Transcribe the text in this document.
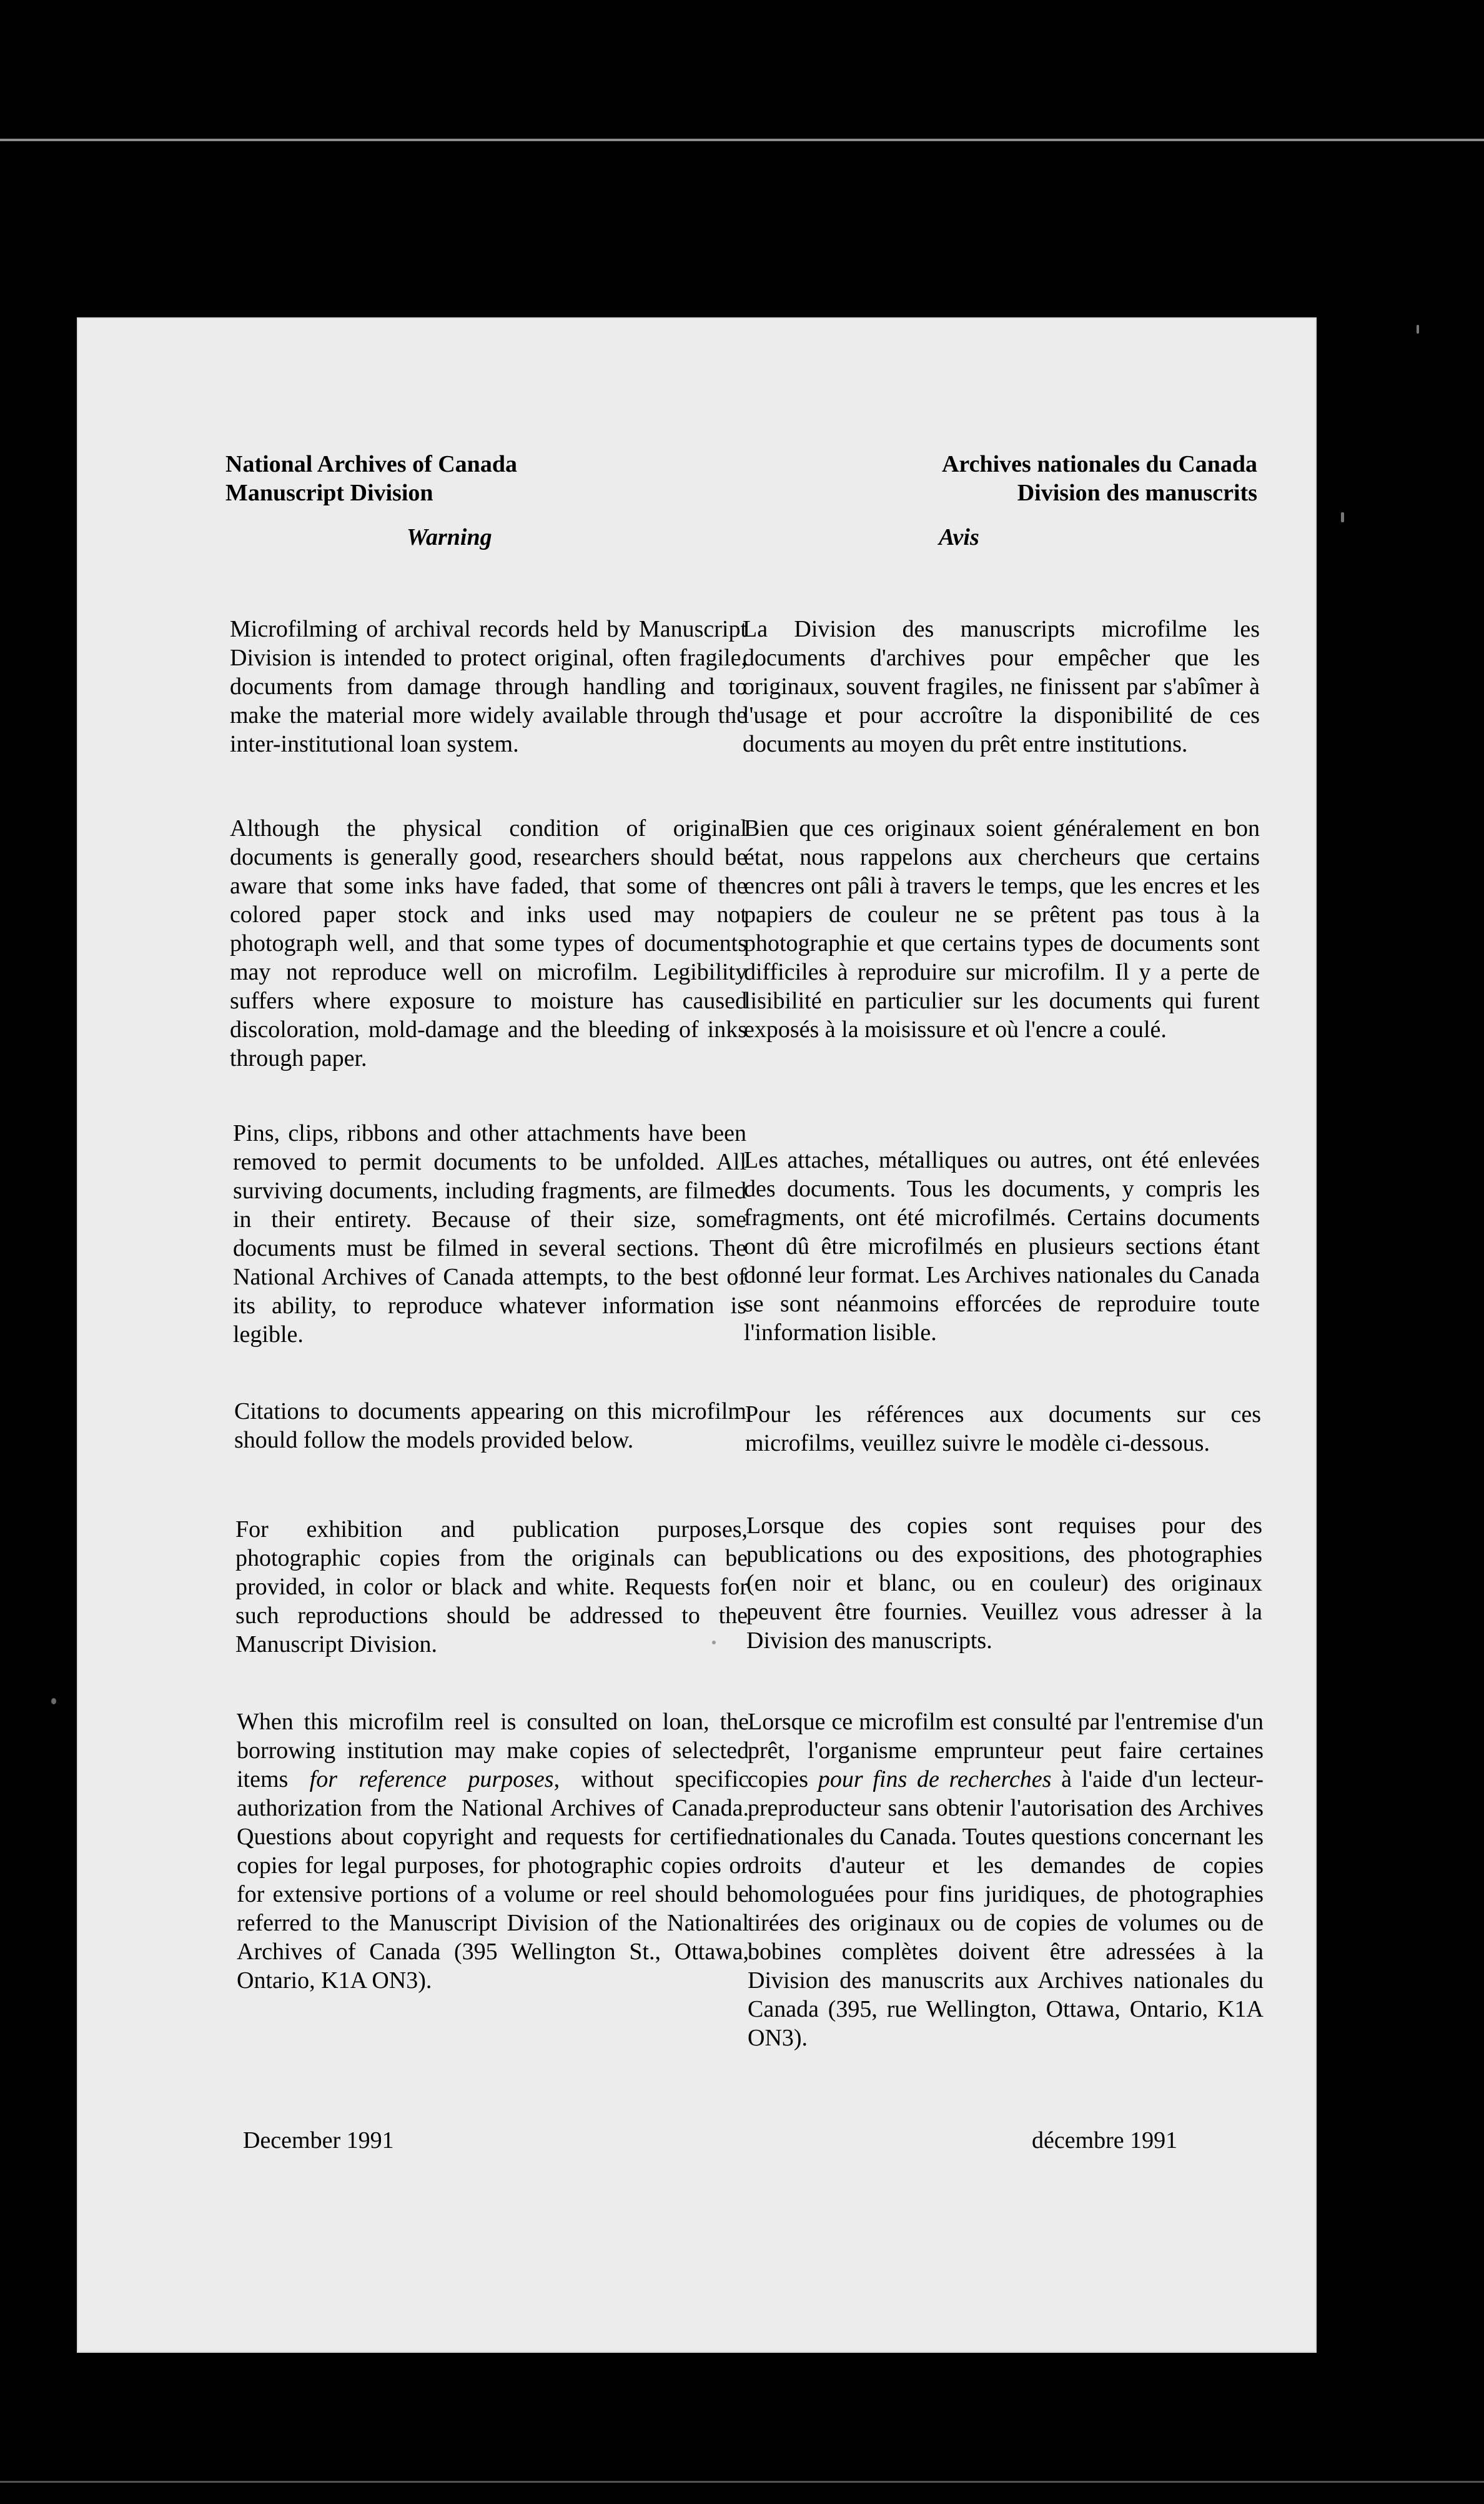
National Archives of Canada
Manuscript Division
Archives nationales du Canada
Division des manuscrits
Warning	Avis

Microfilming of archival records held by Manuscript Division is intended to protect original, often fragile, documents from damage through handling and to make the material more widely available through the inter-institutional loan system.

Although the physical condition of original documents is generally good, researchers should be aware that some inks have faded, that some of the colored paper stock and inks used may not photograph well, and that some types of documents may not reproduce well on microfilm. Legibility suffers where exposure to moisture has caused discoloration, mold-damage and the bleeding of inks through paper.

Pins, clips, ribbons and other attachments have been removed to permit documents to be unfolded. All surviving documents, including fragments, are filmed in their entirety. Because of their size, some documents must be filmed in several sections. The National Archives of Canada attempts, to the best of its ability, to reproduce whatever information is legible.

Citations to documents appearing on this microfilm should follow the models provided below.

For exhibition and publication purposes, photographic copies from the originals can be provided, in color or black and white. Requests for such reproductions should be addressed to the Manuscript Division.

When this microfilm reel is consulted on loan, the borrowing institution may make copies of selected items for reference purposes, without specific authorization from the National Archives of Canada. Questions about copyright and requests for certified copies for legal purposes, for photographic copies or for extensive portions of a volume or reel should be referred to the Manuscript Division of the National Archives of Canada (395 Wellington St., Ottawa, Ontario, K1A ON3).

La Division des manuscripts microfilme les documents d'archives pour empêcher que les originaux, souvent fragiles, ne finissent par s'abîmer à l'usage et pour accroître la disponibilité de ces documents au moyen du prêt entre institutions.

Bien que ces originaux soient généralement en bon état, nous rappelons aux chercheurs que certains encres ont pâli à travers le temps, que les encres et les papiers de couleur ne se prêtent pas tous à la photographie et que certains types de documents sont difficiles à reproduire sur microfilm. Il y a perte de lisibilité en particulier sur les documents qui furent exposés à la moisissure et où l'encre a coulé.

Les attaches, métalliques ou autres, ont été enlevées des documents. Tous les documents, y compris les fragments, ont été microfilmés. Certains documents ont dû être microfilmés en plusieurs sections étant donné leur format. Les Archives nationales du Canada se sont néanmoins efforcées de reproduire toute l'information lisible.

Pour les références aux documents sur ces microfilms, veuillez suivre le modèle ci-dessous.

Lorsque des copies sont requises pour des publications ou des expositions, des photographies (en noir et blanc, ou en couleur) des originaux peuvent être fournies. Veuillez vous adresser à la Division des manuscripts.

Lorsque ce microfilm est consulté par l'entremise d'un prêt, l'organisme emprunteur peut faire certaines copies pour fins de recherches à l'aide d'un lecteur-preproducteur sans obtenir l'autorisation des Archives nationales du Canada. Toutes questions concernant les droits d'auteur et les demandes de copies homologuées pour fins juridiques, de photographies tirées des originaux ou de copies de volumes ou de bobines complètes doivent être adressées à la Division des manuscrits aux Archives nationales du Canada (395, rue Wellington, Ottawa, Ontario, K1A ON3).

December 1991	décembre 1991
